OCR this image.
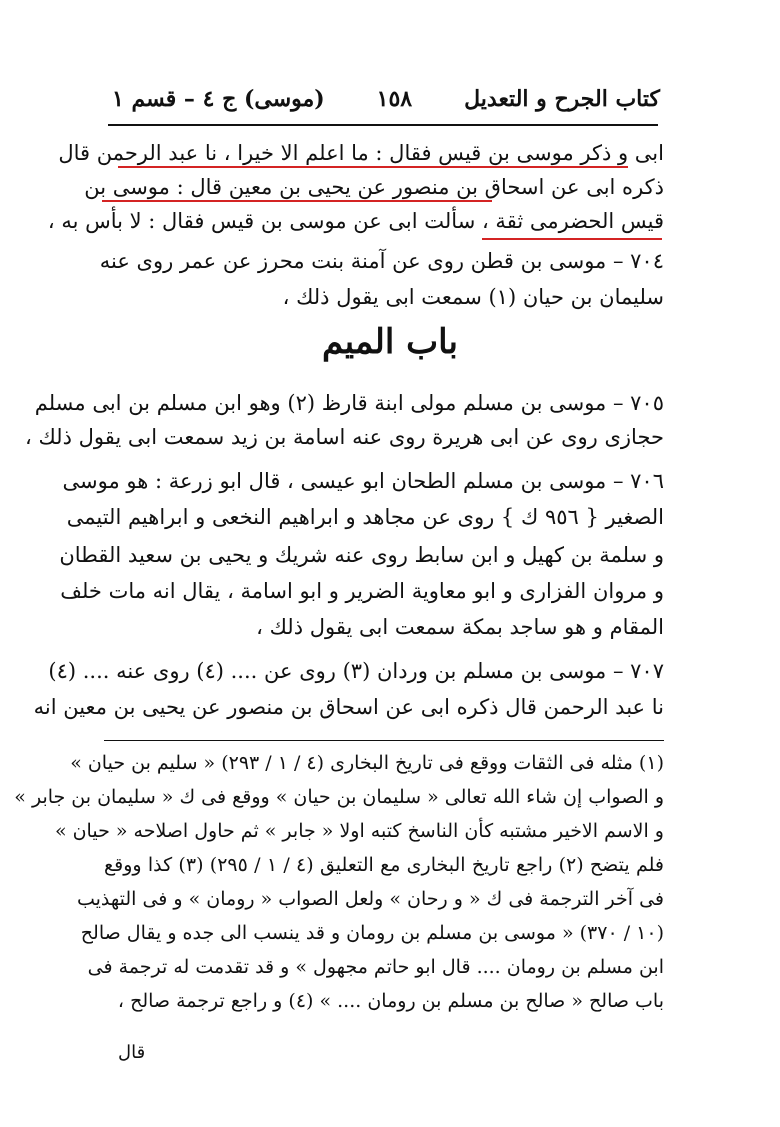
كتاب الجرح و التعديل
١٥٨
(موسى) ج ٤ – قسم ١
ابى و ذكر موسى بن قيس فقال : ما اعلم الا خيرا ، نا عبد الرحمن قال
ذكره ابى عن اسحاق بن منصور عن يحيى بن معين قال : موسى بن
قيس الحضرمى ثقة ، سألت ابى عن موسى بن قيس فقال : لا بأس به ،
٧٠٤ – موسى بن قطن روى عن آمنة بنت محرز عن عمر روى عنه
سليمان بن حيان (١) سمعت ابى يقول ذلك ،
باب الميم
٧٠٥ – موسى بن مسلم مولى ابنة قارظ (٢) وهو ابن مسلم بن ابى مسلم
حجازى روى عن ابى هريرة روى عنه اسامة بن زيد سمعت ابى يقول ذلك ،
٧٠٦ – موسى بن مسلم الطحان ابو عيسى ، قال ابو زرعة : هو موسى
الصغير { ٩٥٦ ك } روى عن مجاهد و ابراهيم النخعى و ابراهيم التيمى
و سلمة بن كهيل و ابن سابط روى عنه شريك و يحيى بن سعيد القطان
و مروان الفزارى و ابو معاوية الضرير و ابو اسامة ، يقال انه مات خلف
المقام و هو ساجد بمكة سمعت ابى يقول ذلك ،
٧٠٧ – موسى بن مسلم بن وردان (٣) روى عن .... (٤) روى عنه .... (٤)
نا عبد الرحمن قال ذكره ابى عن اسحاق بن منصور عن يحيى بن معين انه
(١) مثله فى الثقات ووقع فى تاريخ البخارى (٤ / ١ / ٢٩٣) « سليم بن حيان »
و الصواب إن شاء الله تعالى « سليمان بن حيان » ووقع فى ك « سليمان بن جابر »
و الاسم الاخير مشتبه كأن الناسخ كتبه اولا « جابر » ثم حاول اصلاحه « حيان »
فلم يتضح (٢) راجع تاريخ البخارى مع التعليق (٤ / ١ / ٢٩٥) (٣) كذا ووقع
فى آخر الترجمة فى ك « و رحان » ولعل الصواب « رومان » و فى التهذيب
(١٠ / ٣٧٠) « موسى بن مسلم بن رومان و قد ينسب الى جده و يقال صالح
ابن مسلم بن رومان .... قال ابو حاتم مجهول » و قد تقدمت له ترجمة فى
باب صالح « صالح بن مسلم بن رومان .... » (٤) و راجع ترجمة صالح ،
قال
